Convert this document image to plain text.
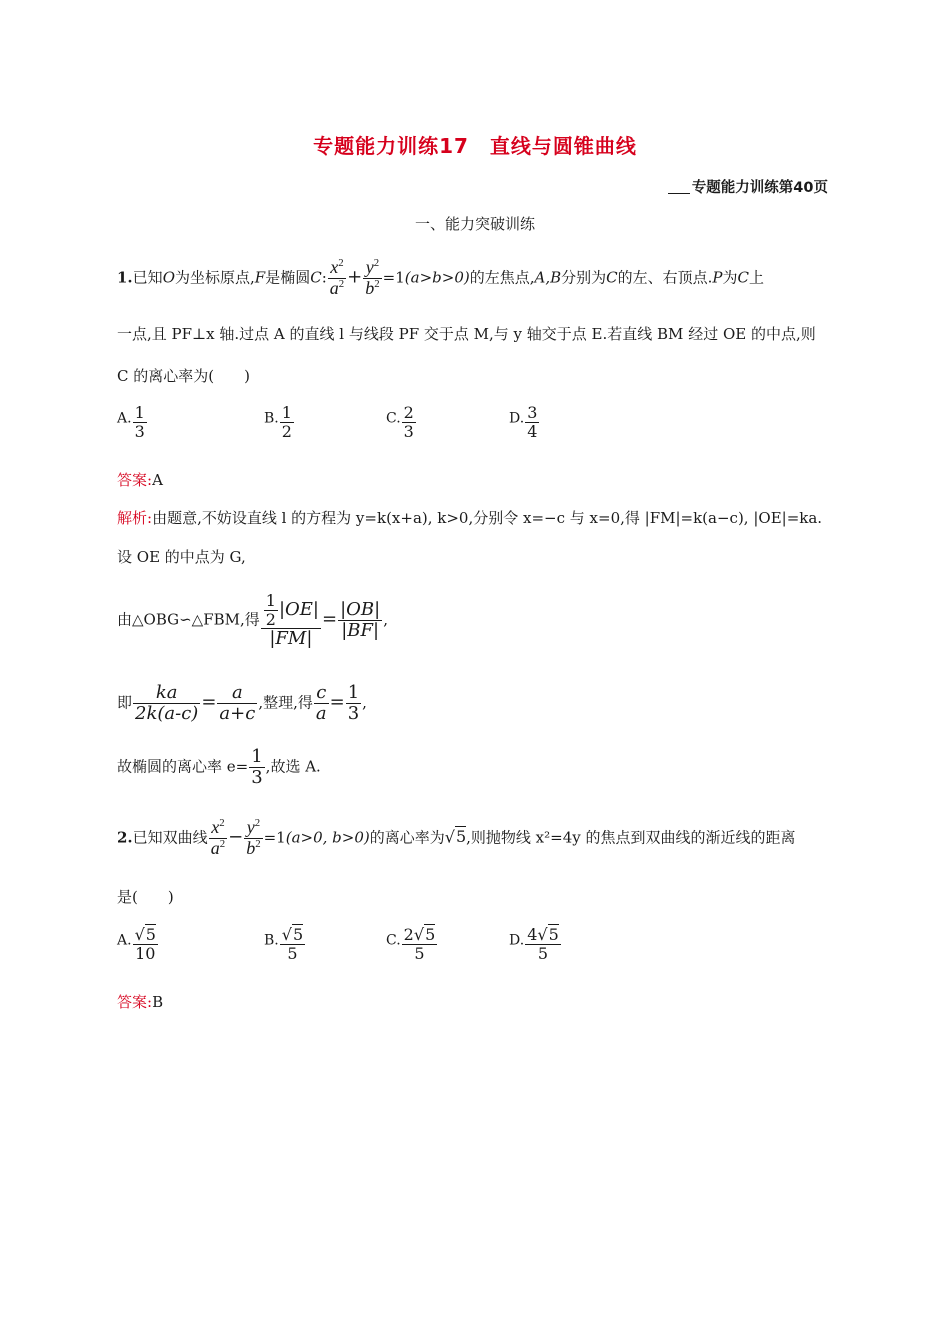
专题能力训练17　直线与圆锥曲线
专题能力训练第40页
一、能力突破训练
1.已知O为坐标原点,F是椭圆C: $\frac{x^2}{a^2} + \frac{y^2}{b^2} =1(a>b>0)$的左焦点,A,B分别为C的左、右顶点.P为C上
一点,且 PF⊥x 轴.过点 A 的直线 l 与线段 PF 交于点 M,与 y 轴交于点 E.若直线 BM 经过 OE 的中点,则
C 的离心率为(　　)
A. $\frac{1}{3}$	B. $\frac{1}{2}$	C. $\frac{2}{3}$	D. $\frac{3}{4}$
答案:A
解析:由题意,不妨设直线 l 的方程为 y=k(x+a), k>0,分别令 x=−c 与 x=0,得 |FM|=k(a−c), |OE|=ka.
设 OE 的中点为 G,
由△OBG∽△FBM,得 $\frac{\frac{1}{2} |OE|}{|FM|} = \frac{|OB|}{|BF|}$ ,
即 $\frac{ka}{2k(a-c)} = \frac{a}{a+c}$ ,整理,得 $\frac{c}{a} = \frac{1}{3}$ ,
故椭圆的离心率 $e= \frac{1}{3}$ ,故选 A.
2.已知双曲线 $\frac{x^2}{a^2} - \frac{y^2}{b^2} =1(a>0$, b>0)的离心率为√5,则抛物线 x²=4y 的焦点到双曲线的渐近线的距离
是(　　)
A. $\frac{√5}{10}$	B. $\frac{√5}{5}$	C. $\frac{2√5}{5}$	D. $\frac{4√5}{5}$
答案:B
